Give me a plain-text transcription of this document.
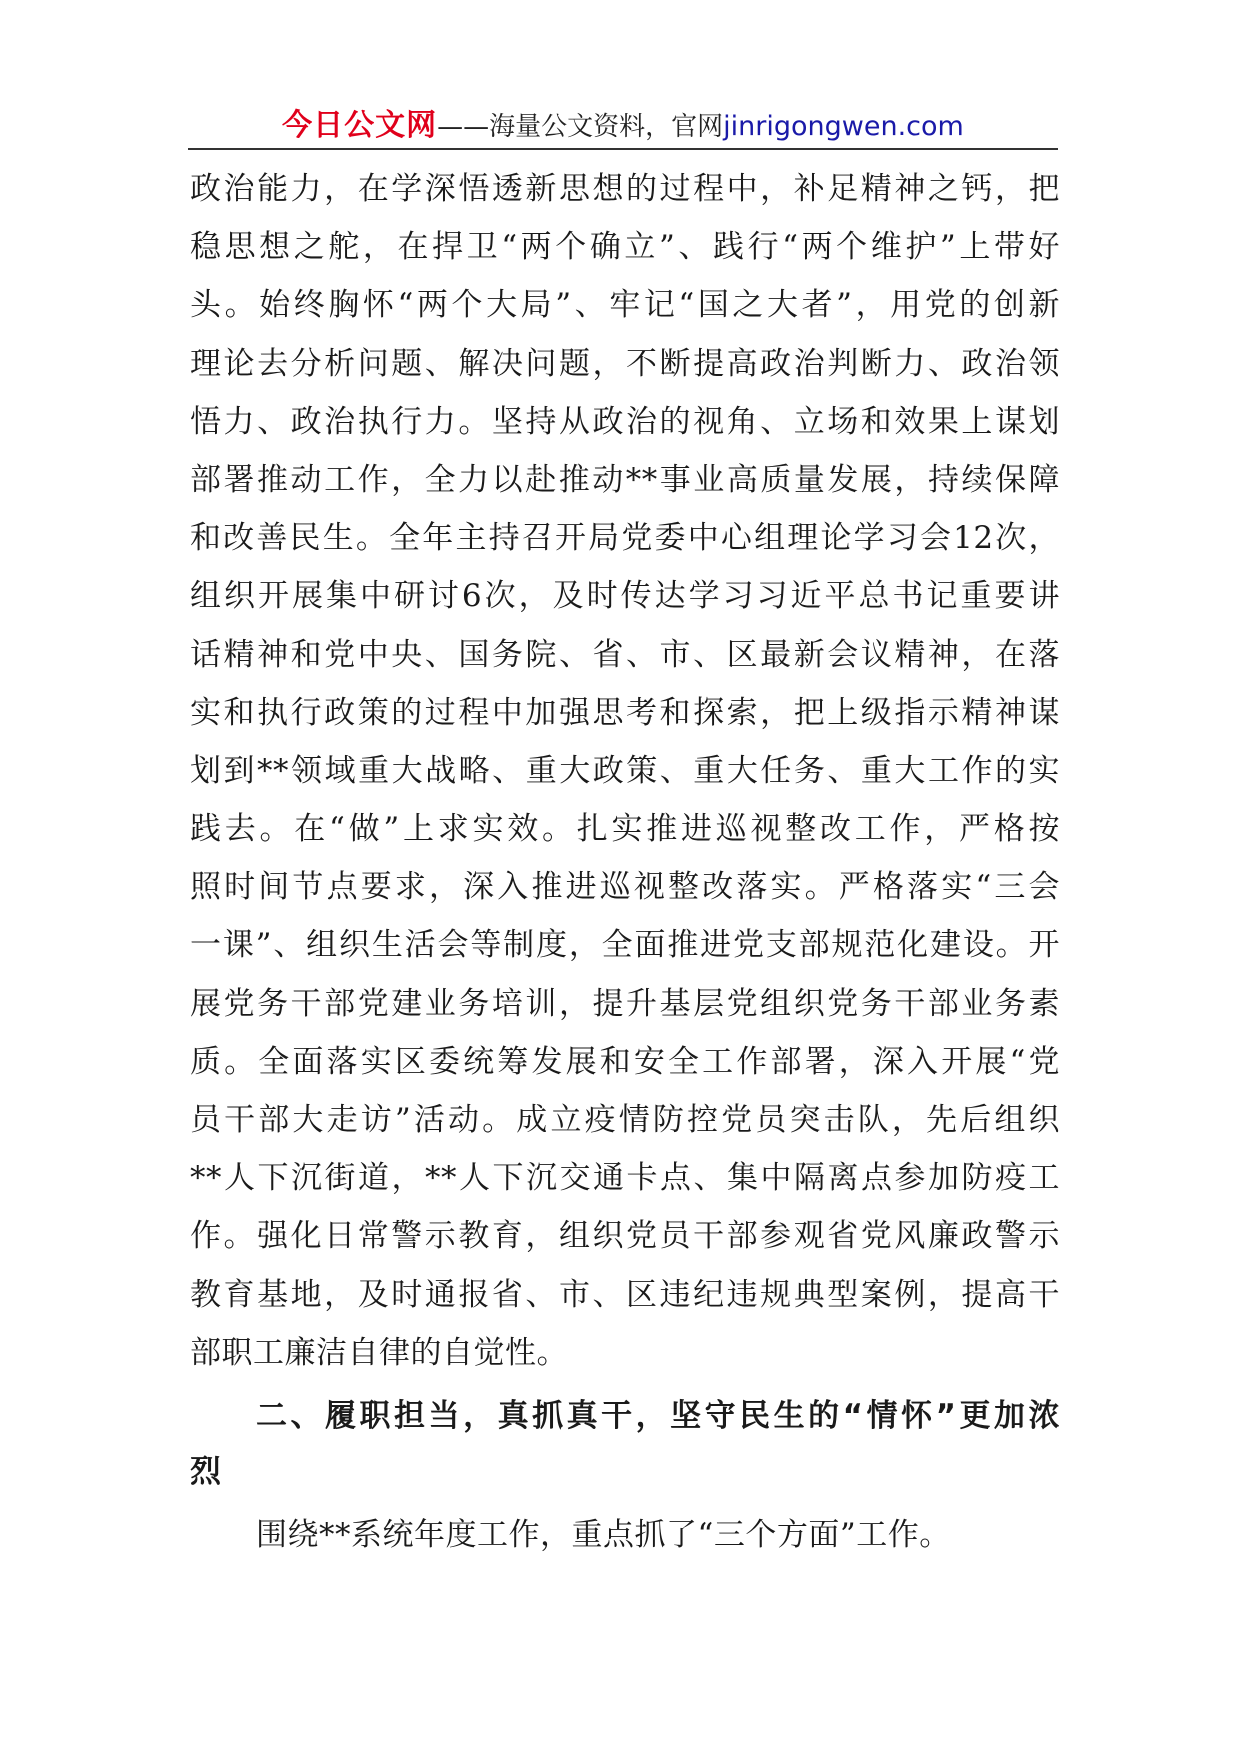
今日公文网——海量公文资料，官网jinrigongwen.com
政治能力，在学深悟透新思想的过程中，补足精神之钙，把
稳思想之舵，在捍卫“两个确立”、践行“两个维护”上带好
头。始终胸怀“两个大局”、牢记“国之大者”，用党的创新
理论去分析问题、解决问题，不断提高政治判断力、政治领
悟力、政治执行力。坚持从政治的视角、立场和效果上谋划
部署推动工作，全力以赴推动**事业高质量发展，持续保障
和改善民生。全年主持召开局党委中心组理论学习会12次，
组织开展集中研讨6次，及时传达学习习近平总书记重要讲
话精神和党中央、国务院、省、市、区最新会议精神，在落
实和执行政策的过程中加强思考和探索，把上级指示精神谋
划到**领域重大战略、重大政策、重大任务、重大工作的实
践去。在“做”上求实效。扎实推进巡视整改工作，严格按
照时间节点要求，深入推进巡视整改落实。严格落实“三会
一课”、组织生活会等制度，全面推进党支部规范化建设。开
展党务干部党建业务培训，提升基层党组织党务干部业务素
质。全面落实区委统筹发展和安全工作部署，深入开展“党
员干部大走访”活动。成立疫情防控党员突击队，先后组织
**人下沉街道，**人下沉交通卡点、集中隔离点参加防疫工
作。强化日常警示教育，组织党员干部参观省党风廉政警示
教育基地，及时通报省、市、区违纪违规典型案例，提高干
部职工廉洁自律的自觉性。
二、履职担当，真抓真干，坚守民生的“情怀”更加浓
烈
围绕**系统年度工作，重点抓了“三个方面”工作。
